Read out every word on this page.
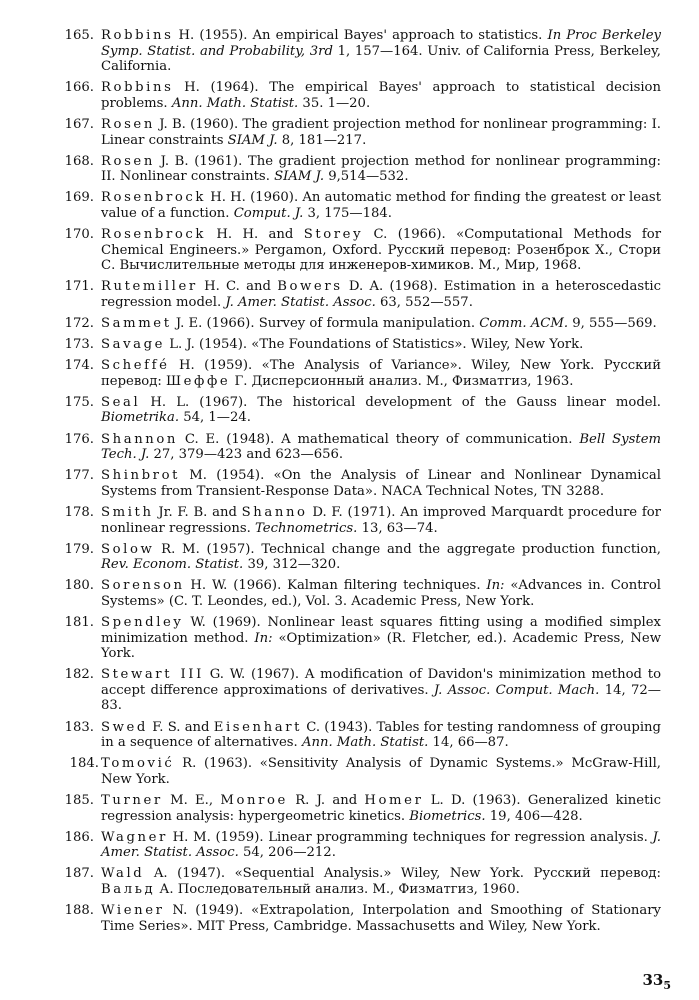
165. Robbins H. (1955). An empirical Bayes' approach to statistics. In Proc Berkeley Symp. Statist. and Probability, 3rd 1, 157—164. Univ. of California Press, Berkeley, California.
166. Robbins H. (1964). The empirical Bayes' approach to statistical decision problems. Ann. Math. Statist. 35. 1—20.
167. Rosen J. B. (1960). The gradient projection method for nonlinear programming: I. Linear constraints SIAM J. 8, 181—217.
168. Rosen J. B. (1961). The gradient projection method for nonlinear programming: II. Nonlinear constraints. SIAM J. 9,514—532.
169. Rosenbrock H. H. (1960). An automatic method for finding the greatest or least value of a function. Comput. J. 3, 175—184.
170. Rosenbrock H. H. and Storey C. (1966). «Computational Methods for Chemical Engineers.» Pergamon, Oxford. Русский перевод: Розенброк Х., Стори С. Вычислительные методы для инженеров-химиков. М., Мир, 1968.
171. Rutemiller H. C. and Bowers D. A. (1968). Estimation in a heteroscedastic regression model. J. Amer. Statist. Assoc. 63, 552—557.
172. Sammet J. E. (1966). Survey of formula manipulation. Comm. ACM. 9, 555—569.
173. Savage L. J. (1954). «The Foundations of Statistics». Wiley, New York.
174. Scheffé H. (1959). «The Analysis of Variance». Wiley, New York. Русский перевод: Шеффе Г. Дисперсионный анализ. М., Физматгиз, 1963.
175. Seal H. L. (1967). The historical development of the Gauss linear model. Biometrika. 54, 1—24.
176. Shannon C. E. (1948). A mathematical theory of communication. Bell System Tech. J. 27, 379—423 and 623—656.
177. Shinbrot M. (1954). «On the Analysis of Linear and Nonlinear Dynamical Systems from Transient-Response Data». NACA Technical Notes, TN 3288.
178. Smith Jr. F. B. and Shanno D. F. (1971). An improved Marquardt procedure for nonlinear regressions. Technometrics. 13, 63—74.
179. Solow R. M. (1957). Technical change and the aggregate production function, Rev. Econom. Statist. 39, 312—320.
180. Sorenson H. W. (1966). Kalman filtering techniques. In: «Advances in. Control Systems» (C. T. Leondes, ed.), Vol. 3. Academic Press, New York.
181. Spendley W. (1969). Nonlinear least squares fitting using a modified simplex minimization method. In: «Optimization» (R. Fletcher, ed.). Academic Press, New York.
182. Stewart III G. W. (1967). A modification of Davidon's minimization method to accept difference approximations of derivatives. J. Assoc. Comput. Mach. 14, 72—83.
183. Swed F. S. and Eisenhart C. (1943). Tables for testing randomness of grouping in a sequence of alternatives. Ann. Math. Statist. 14, 66—87.
184. Tomović R. (1963). «Sensitivity Analysis of Dynamic Systems.» McGraw-Hill, New York.
185. Turner M. E., Monroe R. J. and Homer L. D. (1963). Generalized kinetic regression analysis: hypergeometric kinetics. Biometrics. 19, 406—428.
186. Wagner H. M. (1959). Linear programming techniques for regression analysis. J. Amer. Statist. Assoc. 54, 206—212.
187. Wald A. (1947). «Sequential Analysis.» Wiley, New York. Русский перевод: Вальд А. Последовательный анализ. М., Физматгиз, 1960.
188. Wiener N. (1949). «Extrapolation, Interpolation and Smoothing of Stationary Time Series». MIT Press, Cambridge. Massachusetts and Wiley, New York.
$33_5$
